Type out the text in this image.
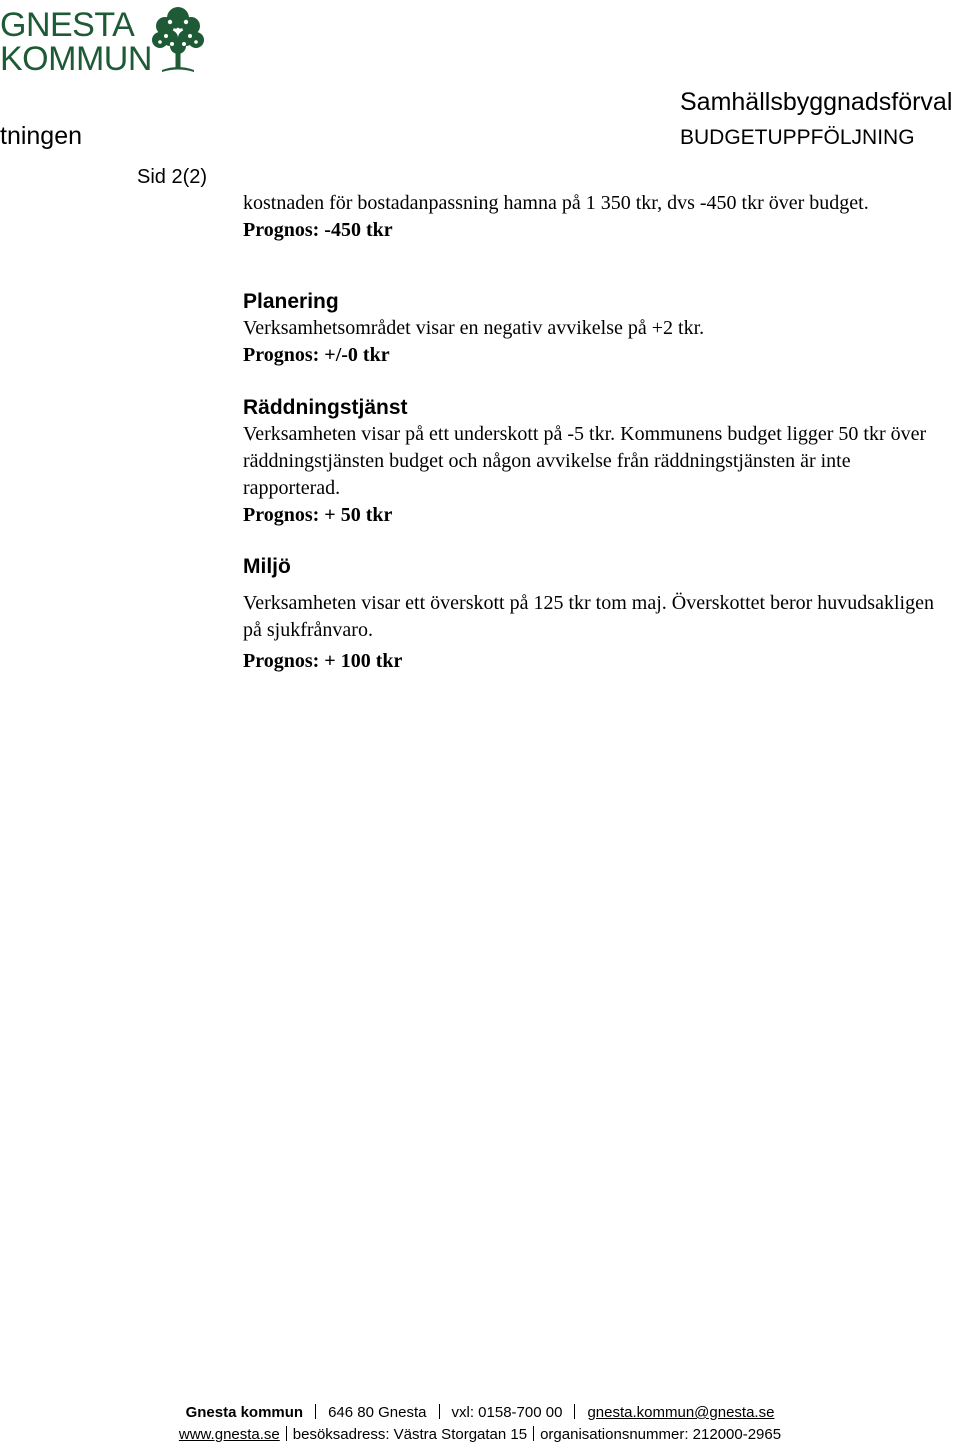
GNESTA
KOMMUN
Samhällsbyggnadsförval
tningen	BUDGETUPPFÖLJNING
Sid 2(2)

kostnaden för bostadanpassning hamna på 1 350 tkr, dvs -450 tkr över budget.

Prognos: -450 tkr

Planering

Verksamhetsområdet visar en negativ avvikelse på +2 tkr.

Prognos: +/-0 tkr

Räddningstjänst

Verksamheten visar på ett underskott på -5 tkr. Kommunens budget ligger 50 tkr över räddningstjänsten budget och någon avvikelse från räddningstjänsten är inte rapporterad.

Prognos: + 50 tkr

Miljö

Verksamheten visar ett överskott på 125 tkr tom maj. Överskottet beror huvudsakligen på sjukfrånvaro.

Prognos: + 100 tkr

Gnesta kommun 646 80 Gnesta vxl: 0158-700 00 gnesta.kommun@gnesta.se
www.gnesta.se besöksadress: Västra Storgatan 15 organisationsnummer: 212000-2965
